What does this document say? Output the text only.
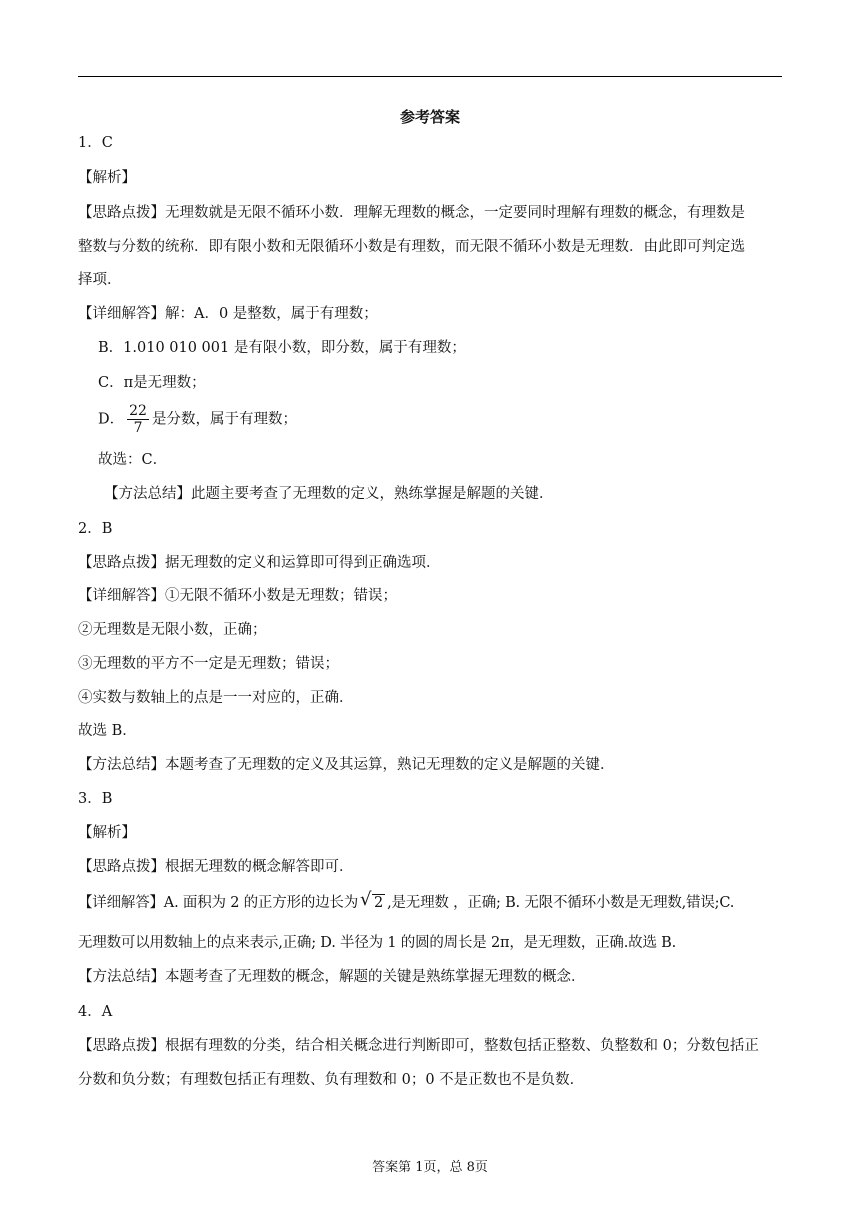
参考答案
1．C
【解析】
【思路点拨】无理数就是无限不循环小数．理解无理数的概念，一定要同时理解有理数的概念，有理数是
整数与分数的统称．即有限小数和无限循环小数是有理数，而无限不循环小数是无理数．由此即可判定选
择项．
【详细解答】解：A．0 是整数，属于有理数；
B．1.010 010 001 是有限小数，即分数，属于有理数；
C．π是无理数；
D． $\frac{22}{7}$ 是分数，属于有理数；
故选：C．
【方法总结】此题主要考查了无理数的定义，熟练掌握是解题的关键．
2．B
【思路点拨】据无理数的定义和运算即可得到正确选项．
【详细解答】①无限不循环小数是无理数；错误；
②无理数是无限小数，正确；
③无理数的平方不一定是无理数；错误；
④实数与数轴上的点是一一对应的，正确．
故选 B．
【方法总结】本题考查了无理数的定义及其运算，熟记无理数的定义是解题的关键．
3．B
【解析】
【思路点拨】根据无理数的概念解答即可．
【详细解答】A. 面积为 2 的正方形的边长为√ 2 ,是无理数 ，正确; B. 无限不循环小数是无理数,错误;C.
无理数可以用数轴上的点来表示,正确; D. 半径为 1 的圆的周长是 2π，是无理数，正确.故选 B.
【方法总结】本题考查了无理数的概念，解题的关键是熟练掌握无理数的概念．
4．A
【思路点拨】根据有理数的分类，结合相关概念进行判断即可，整数包括正整数、负整数和 0；分数包括正
分数和负分数；有理数包括正有理数、负有理数和 0；0 不是正数也不是负数．
答案第 1页，总 8页
